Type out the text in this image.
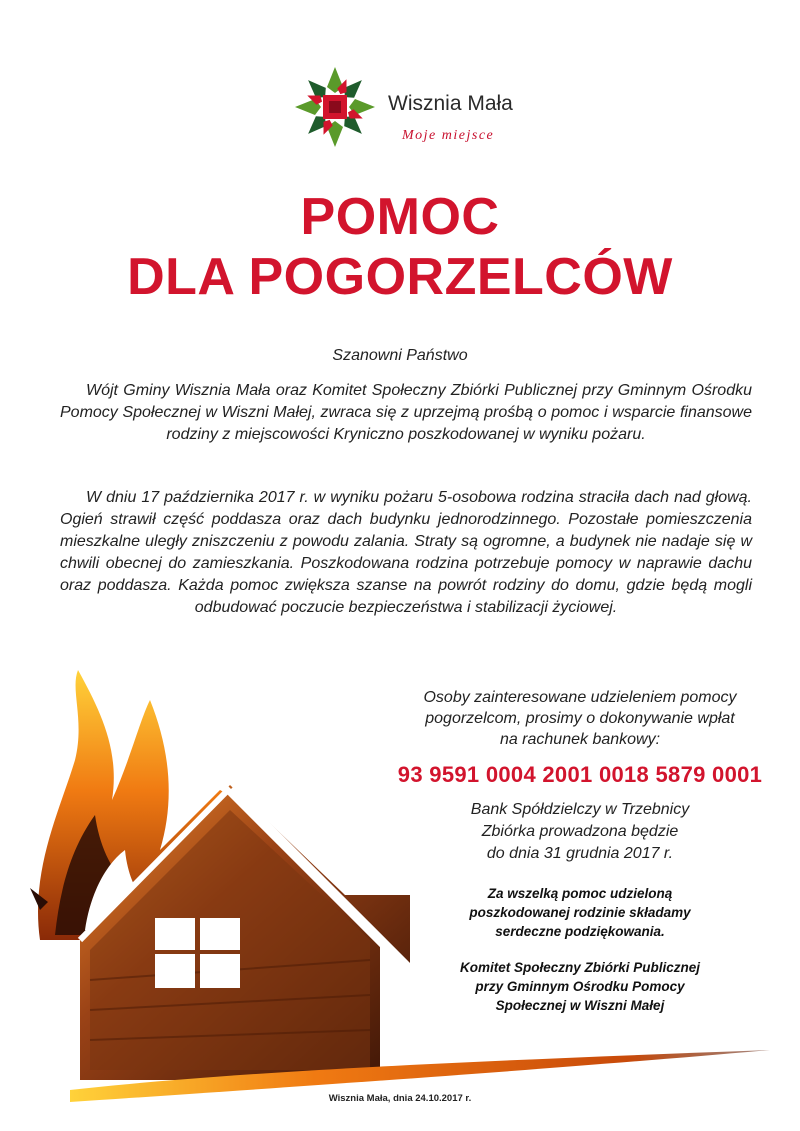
Wisznia Mała
Moje miejsce
POMOC
DLA POGORZELCÓW
Szanowni Państwo
Wójt Gminy Wisznia Mała oraz Komitet Społeczny Zbiórki Publicznej przy Gminnym Ośrodku Pomocy Społecznej w Wiszni Małej, zwraca się z uprzejmą prośbą o pomoc i wsparcie finansowe rodziny z miejscowości Kryniczno poszkodowanej w wyniku pożaru.
W dniu 17 października 2017 r. w wyniku pożaru 5-osobowa rodzina straciła dach nad głową. Ogień strawił część poddasza oraz dach budynku jednorodzinnego. Pozostałe pomieszczenia mieszkalne uległy zniszczeniu z powodu zalania. Straty są ogromne, a budynek nie nadaje się w chwili obecnej do zamieszkania. Poszkodowana rodzina potrzebuje pomocy w naprawie dachu oraz poddasza. Każda pomoc zwiększa szanse na powrót rodziny do domu, gdzie będą mogli odbudować poczucie bezpieczeństwa i stabilizacji życiowej.
Osoby zainteresowane udzieleniem pomocy
pogorzelcom, prosimy o dokonywanie wpłat
na rachunek bankowy:
93 9591 0004 2001 0018 5879 0001
Bank Spółdzielczy w Trzebnicy
Zbiórka prowadzona będzie
do dnia 31 grudnia 2017 r.
Za wszelką pomoc udzieloną
poszkodowanej rodzinie składamy
serdeczne podziękowania.
Komitet Społeczny Zbiórki Publicznej
przy Gminnym Ośrodku Pomocy
Społecznej w Wiszni Małej
Wisznia Mała, dnia 24.10.2017 r.
